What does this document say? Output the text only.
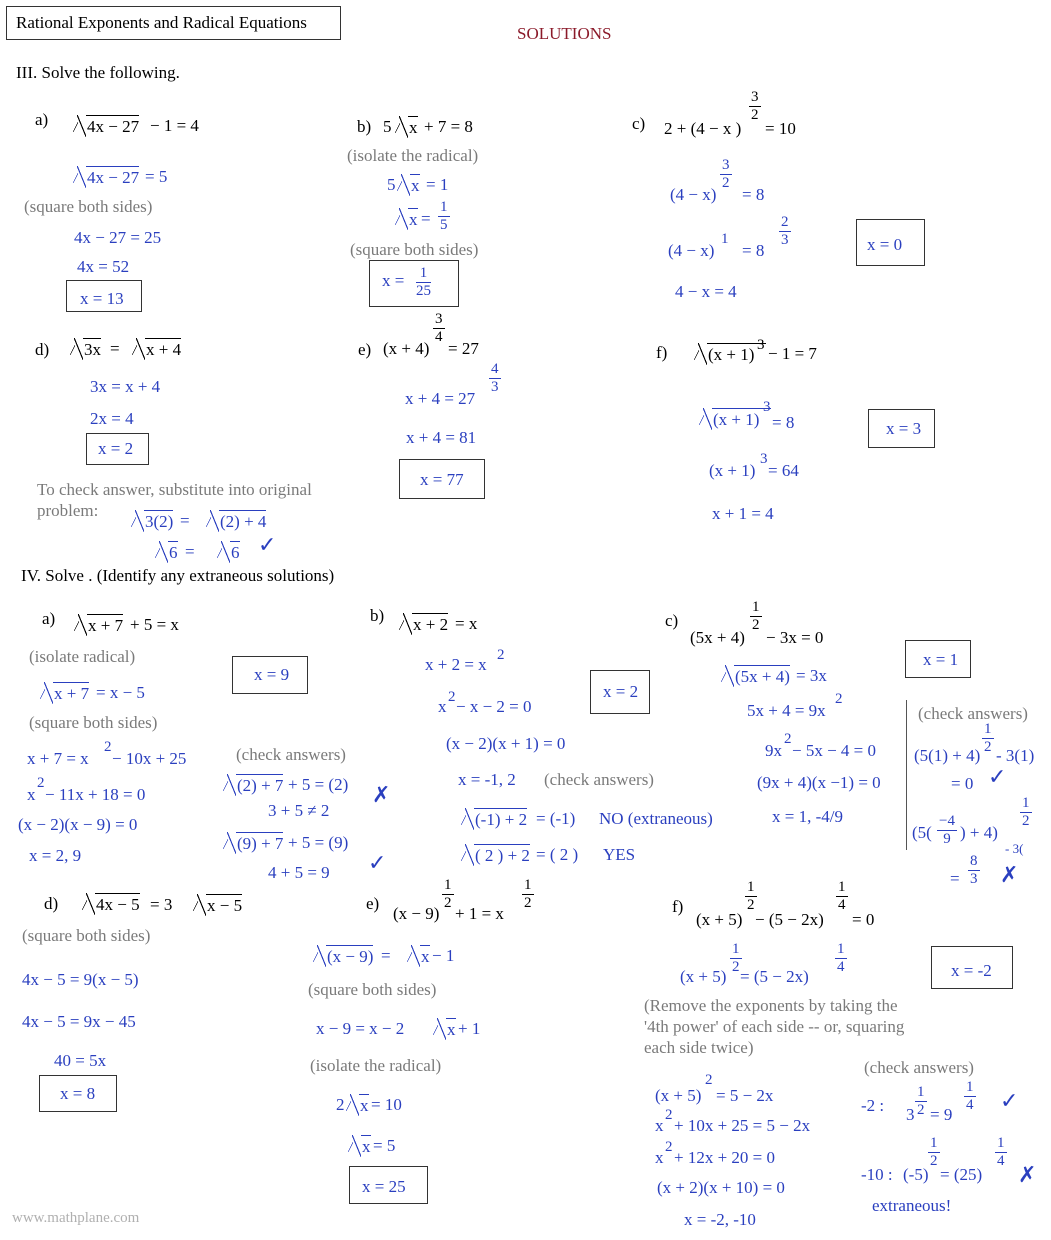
Rational Exponents and Radical Equations
SOLUTIONS
III. Solve the following.
a) 4x − 27 − 1 = 4
4x − 27 = 5
(square both sides)
4x − 27 = 25
4x = 52
x = 13
b) 5 x + 7 = 8
(isolate the radical)
5 x = 1
$x = \frac{1}{5}$
(square both sides)
$x = \frac{1}{25}$
c) 2 + (4 − x )
$\frac{3}{2}$
= 10
(4 − x)
$\frac{3}{2}$
= 8
(4 − x)
1
= 8
$\frac{2}{3}$
4 − x = 4
x = 0
d) 3x = x + 4
3x = x + 4
2x = 4
x = 2
To check answer, substitute into original
problem:
3(2) = (2) + 4
6 = 6 ✓
e) (x + 4)
$\frac{3}{4}$
= 27
x + 4 = 27
$\frac{4}{3}$
x + 4 = 81
x = 77
f) (x + 1) 3 − 1 = 7
(x + 1)
3
= 8
(x + 1)
3
= 64
x + 1 = 4
x = 3
IV. Solve . (Identify any extraneous solutions)
a) x + 7 + 5 = x
(isolate radical)
x + 7 = x − 5
(square both sides)
x + 7 = x
2
− 10x + 25
x
2
− 11x + 18 = 0
(x − 2)(x − 9) = 0
x = 2, 9
x = 9
(check answers)
(2) + 7 + 5 = (2) ✗
3 + 5 ≠ 2
(9) + 7 + 5 = (9)
4 + 5 = 9 ✓
b) x + 2 = x
x + 2 = x 2
x 2 − x − 2 = 0
(x − 2)(x + 1) = 0
x = -1, 2 (check answers)
x = 2
(-1) + 2 = (-1) NO (extraneous)
( 2 ) + 2 = ( 2 ) YES
c)
(5x + 4)
$\frac{1}{2}$
− 3x = 0
(5x + 4) = 3x
5x + 4 = 9x
2
9x
2
− 5x − 4 = 0
(9x + 4)(x −1) = 0
x = 1, -4/9
x = 1
(check answers)
(5(1) + 4)
$\frac{1}{2}$
- 3(1)
= 0 ✓
($5( \frac{-4}{9}$ ) + 4)
$\frac{1}{2}$
- 3(
= $\frac{8}{3}$ ✗
d) 4x − 5 = 3 x − 5
(square both sides)
4x − 5 = 9(x − 5)
4x − 5 = 9x − 45
40 = 5x
x = 8
e)
(x − 9)
$\frac{1}{2}$
+ 1 = x
$\frac{1}{2}$
(x − 9) = x − 1
(square both sides)
x − 9 = x − 2	x + 1
(isolate the radical)
2 x = 10
x = 5
x = 25
f)
(x + 5)
$\frac{1}{2}$
− (5 − 2x)
$\frac{1}{4}$
= 0
(x + 5)
$\frac{1}{2}$
= (5 − 2x)
$\frac{1}{4}$	x = -2
(Remove the exponents by taking the
'4th power' of each side -- or, squaring
each side twice)
(x + 5)
2
= 5 − 2x
x
2
+ 10x + 25 = 5 − 2x
x
2
+ 12x + 20 = 0
(x + 2)(x + 10) = 0
x = -2, -10
(check answers)
-2 : $3 \frac{1}{2} = 9$
$\frac{1}{4}$ ✓
-10 : (-5)
$\frac{1}{2}$
= (25)
$\frac{1}{4}$
✗
extraneous!
www.mathplane.com
